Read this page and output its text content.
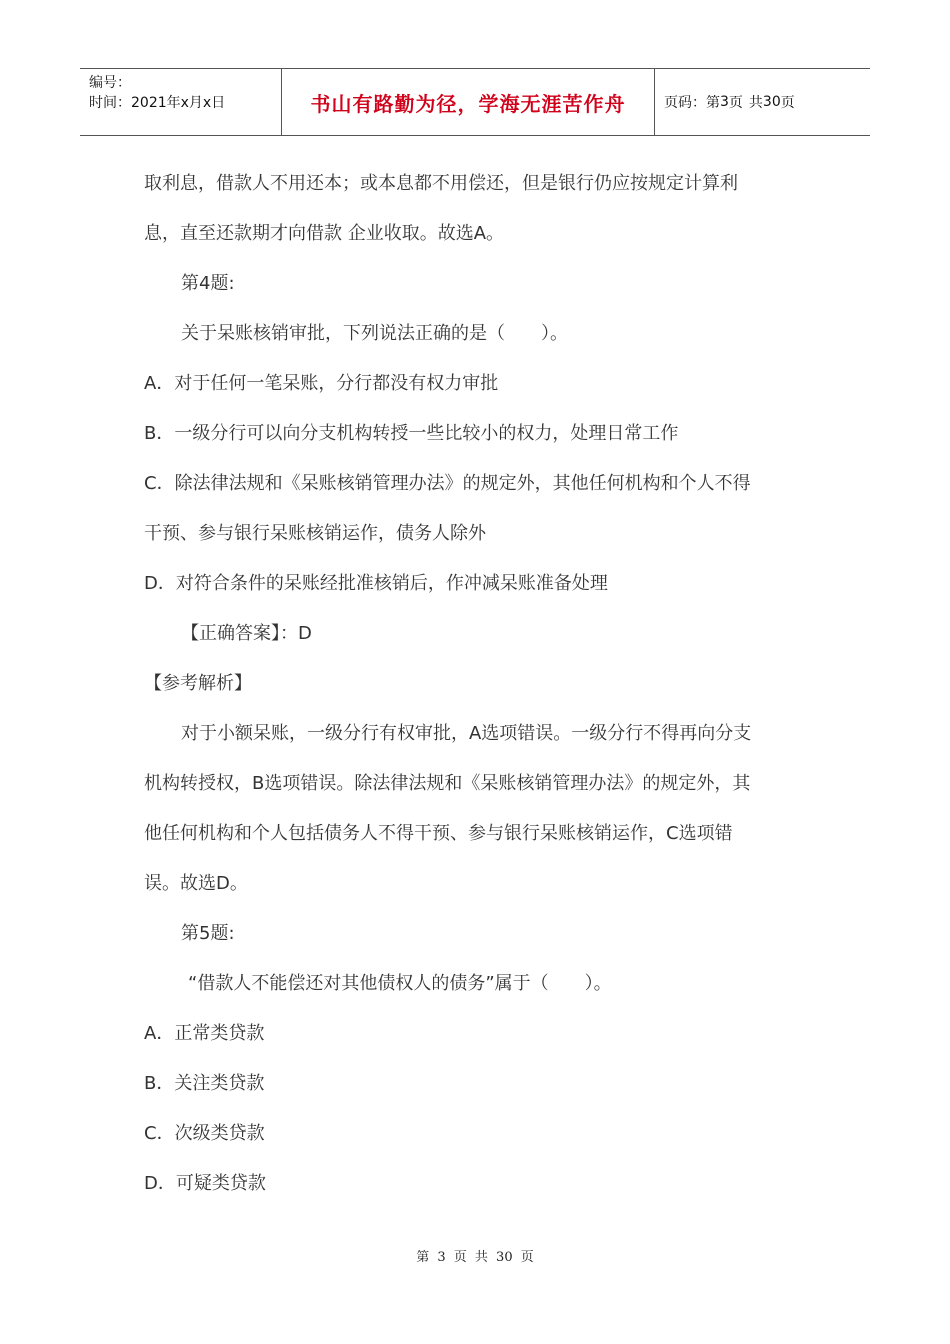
编号：
时间：2021年x月x日	书山有路勤为径，学海无涯苦作舟	页码：第 3 页 共 30 页
取利息，借款人不用还本；或本息都不用偿还，但是银行仍应按规定计算利
息，直至还款期才向借款 企业收取。故选A。
第4题:
关于呆账核销审批，下列说法正确的是（　　）。
A．对于任何一笔呆账，分行都没有权力审批
B．一级分行可以向分支机构转授一些比较小的权力，处理日常工作
C．除法律法规和《呆账核销管理办法》的规定外，其他任何机构和个人不得
干预、参与银行呆账核销运作，债务人除外
D．对符合条件的呆账经批准核销后，作冲减呆账准备处理
【正确答案】：D
【参考解析】
对于小额呆账，一级分行有权审批，A选项错误。一级分行不得再向分支
机构转授权，B选项错误。除法律法规和《呆账核销管理办法》的规定外，其
他任何机构和个人包括债务人不得干预、参与银行呆账核销运作，C选项错
误。故选D。
第5题:
“借款人不能偿还对其他债权人的债务”属于（　　）。
A．正常类贷款
B．关注类贷款
C．次级类贷款
D．可疑类贷款
第 3 页 共 30 页
